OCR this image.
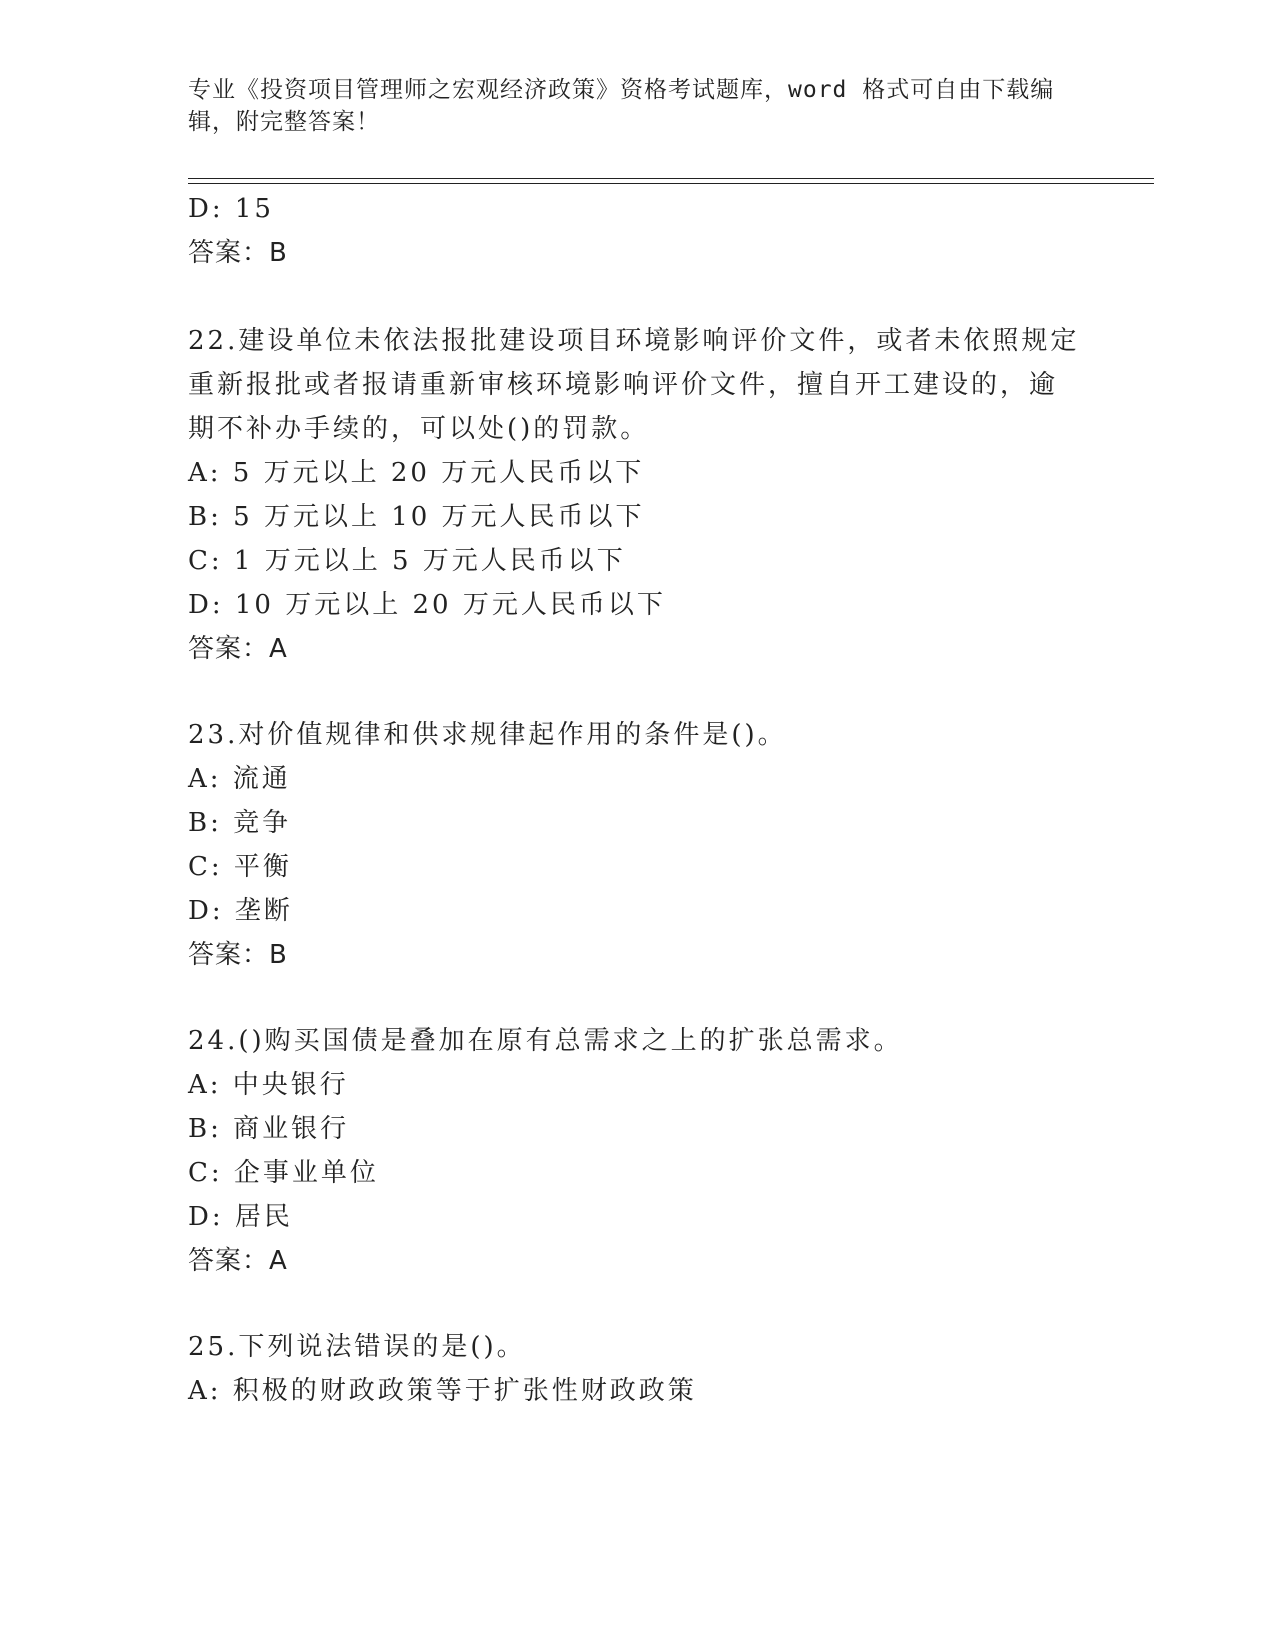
专业《投资项目管理师之宏观经济政策》资格考试题库，word 格式可自由下载编
辑，附完整答案！
D: 15
答案：B
22.建设单位未依法报批建设项目环境影响评价文件，或者未依照规定
重新报批或者报请重新审核环境影响评价文件，擅自开工建设的，逾
期不补办手续的，可以处()的罚款。
A: 5 万元以上 20 万元人民币以下
B: 5 万元以上 10 万元人民币以下
C: 1 万元以上 5 万元人民币以下
D: 10 万元以上 20 万元人民币以下
答案：A
23.对价值规律和供求规律起作用的条件是()。
A: 流通
B: 竞争
C: 平衡
D: 垄断
答案：B
24.()购买国债是叠加在原有总需求之上的扩张总需求。
A: 中央银行
B: 商业银行
C: 企事业单位
D: 居民
答案：A
25.下列说法错误的是()。
A: 积极的财政政策等于扩张性财政政策
